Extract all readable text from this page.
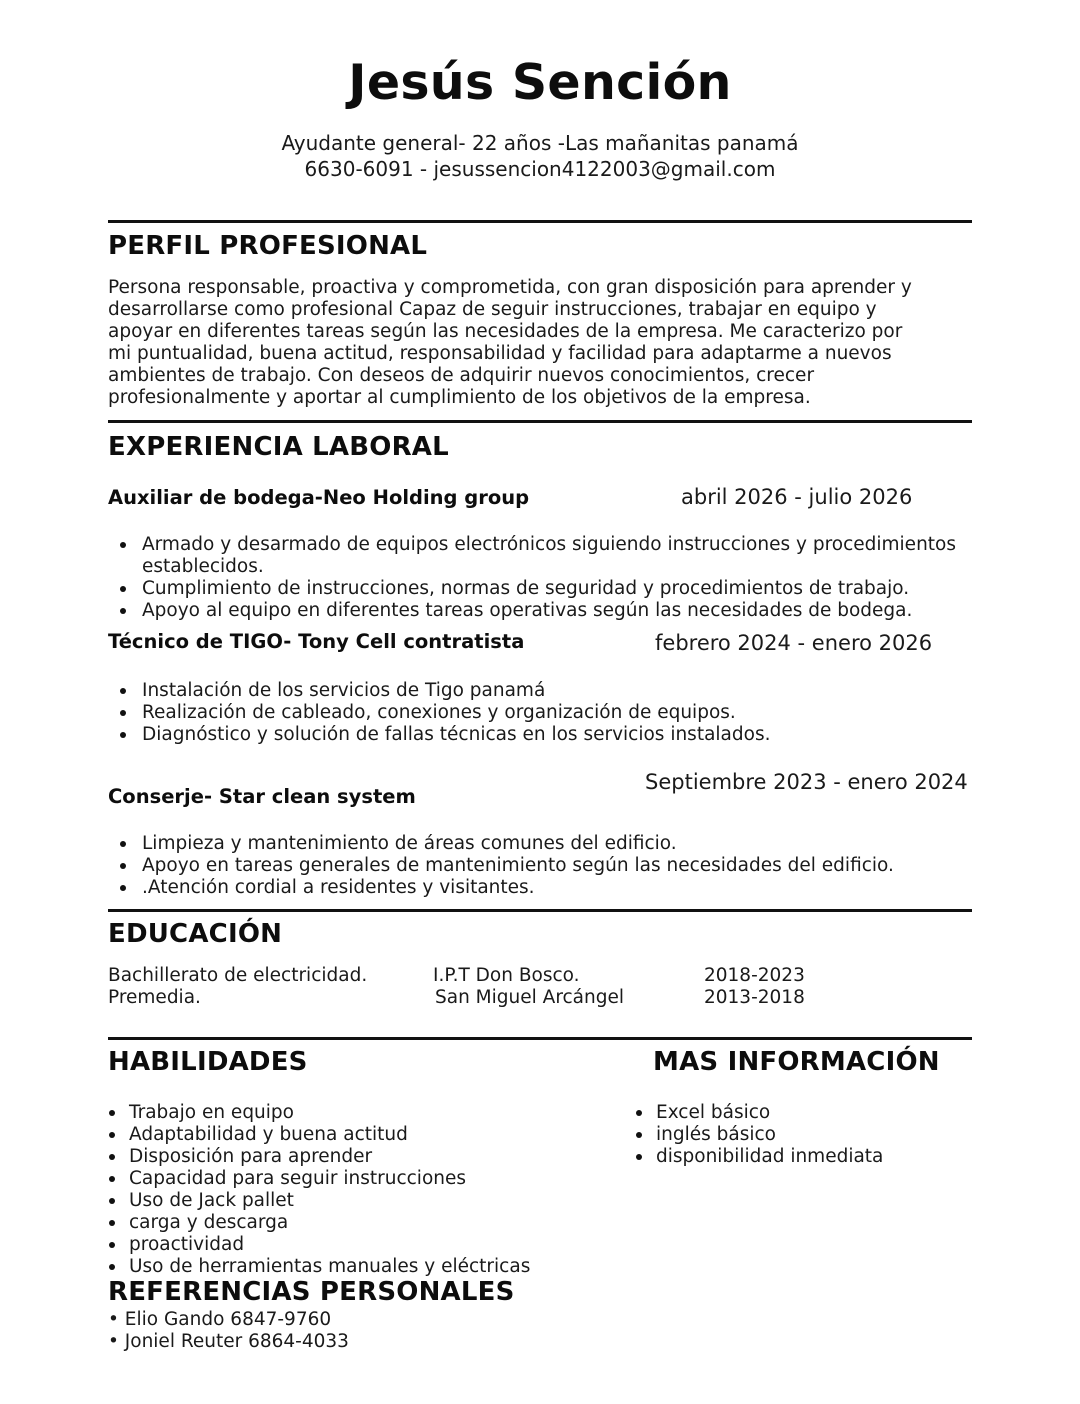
Jesús Sención
Ayudante general- 22 años -Las mañanitas panamá
6630-6091 - jesussencion4122003@gmail.com
PERFIL PROFESIONAL
Persona responsable, proactiva y comprometida, con gran disposición para aprender y
desarrollarse como profesional Capaz de seguir instrucciones, trabajar en equipo y
apoyar en diferentes tareas según las necesidades de la empresa. Me caracterizo por
mi puntualidad, buena actitud, responsabilidad y facilidad para adaptarme a nuevos
ambientes de trabajo. Con deseos de adquirir nuevos conocimientos, crecer
profesionalmente y aportar al cumplimiento de los objetivos de la empresa.
EXPERIENCIA LABORAL
Auxiliar de bodega-Neo Holding group	abril 2026 - julio 2026
Armado y desarmado de equipos electrónicos siguiendo instrucciones y procedimientos establecidos.
Cumplimiento de instrucciones, normas de seguridad y procedimientos de trabajo.
Apoyo al equipo en diferentes tareas operativas según las necesidades de bodega.
Técnico de TIGO- Tony Cell contratista	febrero 2024 - enero 2026
Instalación de los servicios de Tigo panamá
Realización de cableado, conexiones y organización de equipos.
Diagnóstico y solución de fallas técnicas en los servicios instalados.
Septiembre 2023 - enero 2024
Conserje- Star clean system
Limpieza y mantenimiento de áreas comunes del edificio.
Apoyo en tareas generales de mantenimiento según las necesidades del edificio.
.Atención cordial a residentes y visitantes.
EDUCACIÓN
Bachillerato de electricidad.	I.P.T Don Bosco.	2018-2023
Premedia.	San Miguel Arcángel	2013-2018
HABILIDADES
Trabajo en equipo
Adaptabilidad y buena actitud
Disposición para aprender
Capacidad para seguir instrucciones
Uso de Jack pallet
carga y descarga
proactividad
Uso de herramientas manuales y eléctricas
MAS INFORMACIÓN
Excel básico
inglés básico
disponibilidad inmediata
REFERENCIAS PERSONALES
• Elio Gando 6847-9760
• Joniel Reuter 6864-4033
